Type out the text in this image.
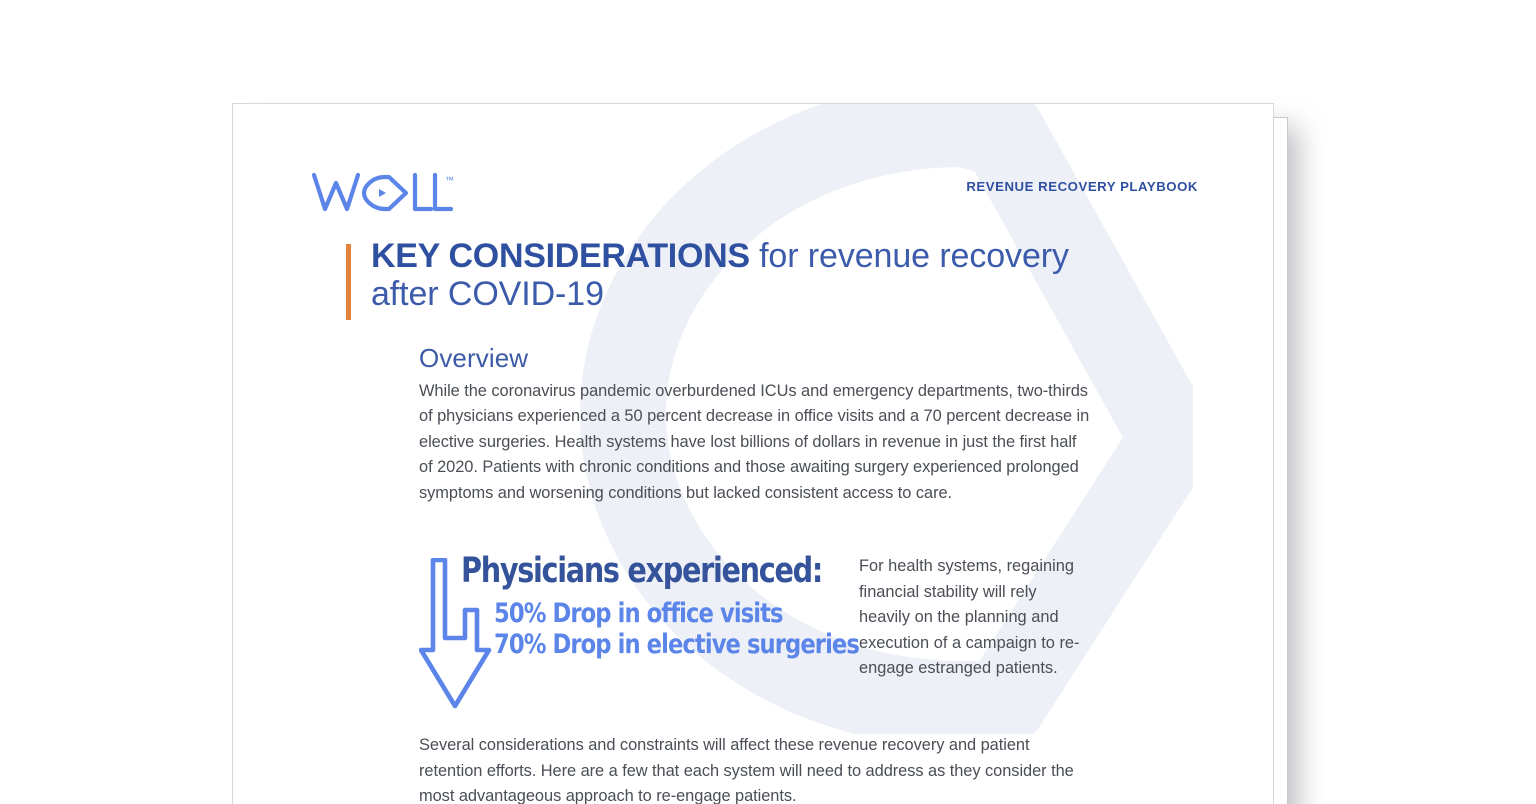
™	REVENUE RECOVERY PLAYBOOK
KEY CONSIDERATIONS for revenue recovery after COVID-19
Overview

While the coronavirus pandemic overburdened ICUs and emergency departments, two-thirds of physicians experienced a 50 percent decrease in office visits and a 70 percent decrease in elective surgeries. Health systems have lost billions of dollars in revenue in just the first half of 2020. Patients with chronic conditions and those awaiting surgery experienced prolonged symptoms and worsening conditions but lacked consistent access to care.

Physicians experienced:
50% Drop in office visits
70% Drop in elective surgeries

For health systems, regaining financial stability will rely heavily on the planning and execution of a campaign to re-engage estranged patients.

Several considerations and constraints will affect these revenue recovery and patient retention efforts. Here are a few that each system will need to address as they consider the most advantageous approach to re-engage patients.
